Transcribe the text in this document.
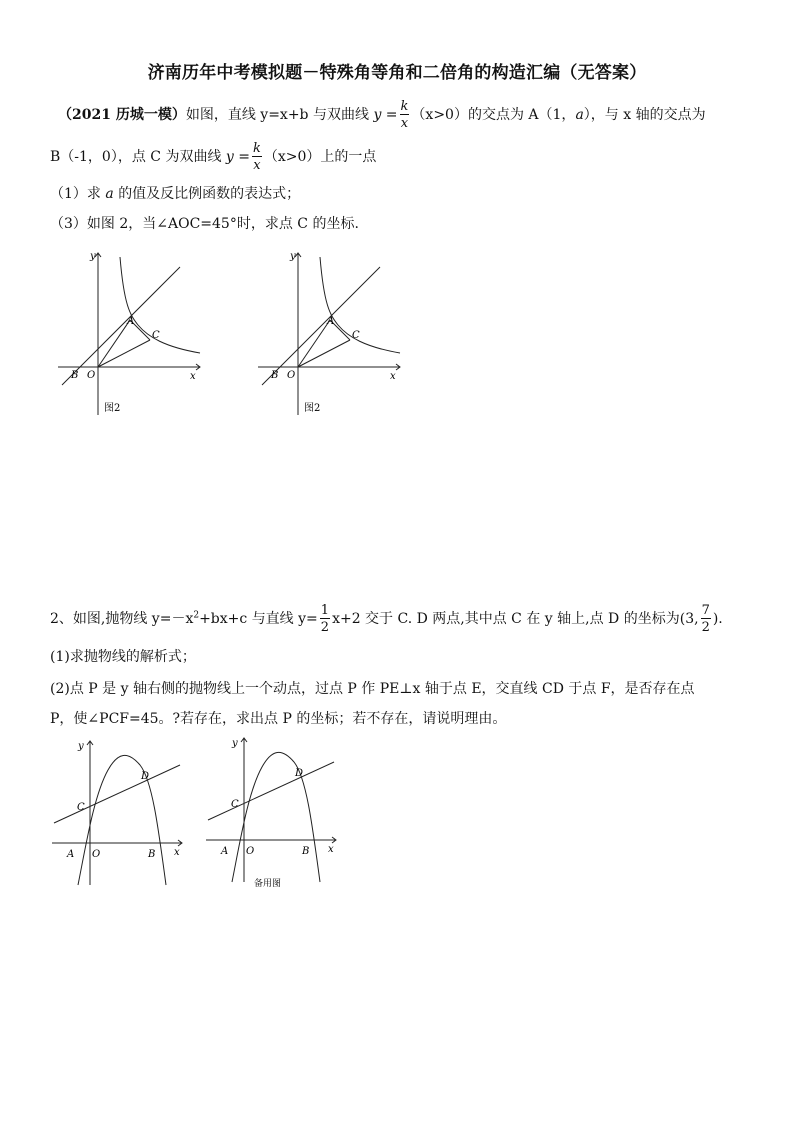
济南历年中考模拟题－特殊角等角和二倍角的构造汇编（无答案）
（2021 历城一模）如图，直线 y=x+b 与双曲线 $y = \frac{k}{x} (x>0)$的交点为 A（1，a），与 x 轴的交点为
B（-1，0），点 C 为双曲线 $y = \frac{k}{x} (x>0)$上的一点
（1）求 a 的值及反比例函数的表达式；
（3）如图 2，当∠AOC=45°时，求点 C 的坐标.
y
x
A
C
B O
图2
y
x
A
C
B O
图2
2、如图,抛物线 $y=-x^2+bx+c$ 与直线 $y= \frac{1}{2} x+2$ 交于 C. D 两点,其中点 C 在 y 轴上,点 D 的坐标为(3, $\frac{7}{2}$ ).
(1)求抛物线的解析式；
(2)点 P 是 y 轴右侧的抛物线上一个动点，过点 P 作 PE⊥x 轴于点 E，交直线 CD 于点 F，是否存在点
P，使∠PCF=45。?若存在，求出点 P 的坐标；若不存在，请说明理由。
y
x
C
D
A O	B
y
x
C
D
A O	B
备用图
